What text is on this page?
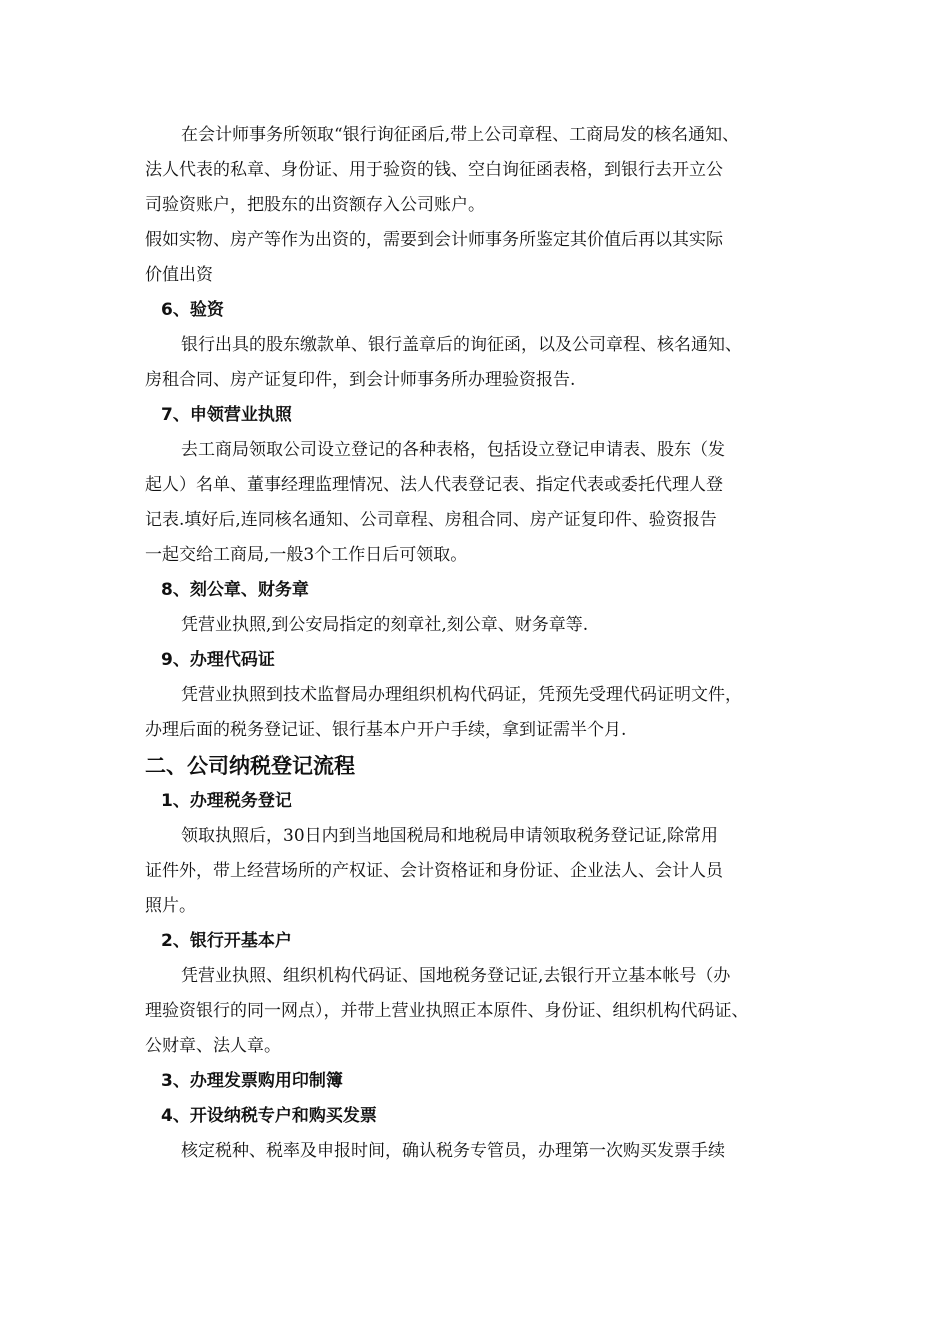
在会计师事务所领取“银行询征函后,带上公司章程、工商局发的核名通知、
法人代表的私章、身份证、用于验资的钱、空白询征函表格，到银行去开立公
司验资账户，把股东的出资额存入公司账户。
假如实物、房产等作为出资的，需要到会计师事务所鉴定其价值后再以其实际
价值出资
6、验资
银行出具的股东缴款单、银行盖章后的询征函，以及公司章程、核名通知、
房租合同、房产证复印件，到会计师事务所办理验资报告.
7、申领营业执照
去工商局领取公司设立登记的各种表格，包括设立登记申请表、股东（发
起人）名单、董事经理监理情况、法人代表登记表、指定代表或委托代理人登
记表.填好后,连同核名通知、公司章程、房租合同、房产证复印件、验资报告
一起交给工商局,一般3个工作日后可领取。
8、刻公章、财务章
凭营业执照,到公安局指定的刻章社,刻公章、财务章等.
9、办理代码证
凭营业执照到技术监督局办理组织机构代码证，凭预先受理代码证明文件，
办理后面的税务登记证、银行基本户开户手续，拿到证需半个月.
二、公司纳税登记流程
1、办理税务登记
领取执照后，30日内到当地国税局和地税局申请领取税务登记证,除常用
证件外，带上经营场所的产权证、会计资格证和身份证、企业法人、会计人员
照片。
2、银行开基本户
凭营业执照、组织机构代码证、国地税务登记证,去银行开立基本帐号（办
理验资银行的同一网点），并带上营业执照正本原件、身份证、组织机构代码证、
公财章、法人章。
3、办理发票购用印制簿
4、开设纳税专户和购买发票
核定税种、税率及申报时间，确认税务专管员，办理第一次购买发票手续
